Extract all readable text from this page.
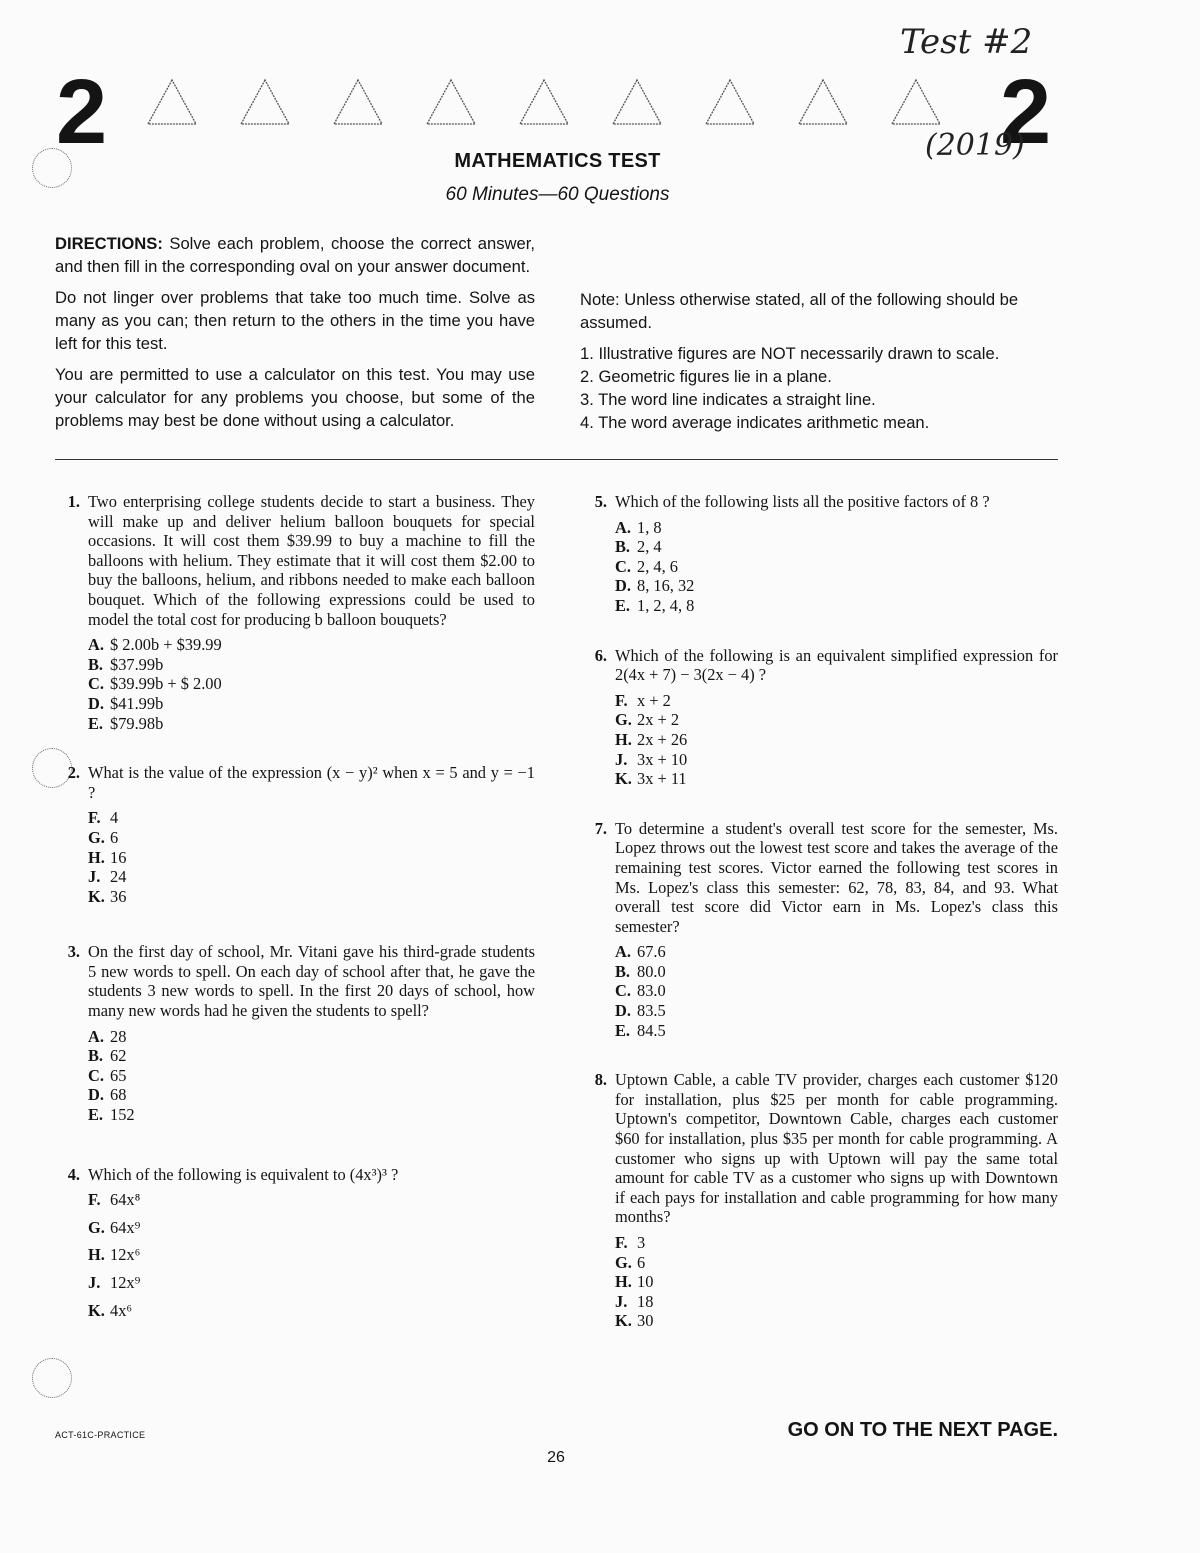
2	2
Test #2
(2019)
MATHEMATICS TEST
60 Minutes—60 Questions

DIRECTIONS: Solve each problem, choose the correct answer, and then fill in the corresponding oval on your answer document.

Do not linger over problems that take too much time. Solve as many as you can; then return to the others in the time you have left for this test.

You are permitted to use a calculator on this test. You may use your calculator for any problems you choose, but some of the problems may best be done without using a calculator.

Note: Unless otherwise stated, all of the following should be assumed.

1. Illustrative figures are NOT necessarily drawn to scale.
2. Geometric figures lie in a plane.
3. The word line indicates a straight line.
4. The word average indicates arithmetic mean.
1. Two enterprising college students decide to start a business. They will make up and deliver helium balloon bouquets for special occasions. It will cost them $39.99 to buy a machine to fill the balloons with helium. They estimate that it will cost them $2.00 to buy the balloons, helium, and ribbons needed to make each balloon bouquet. Which of the following expressions could be used to model the total cost for producing b balloon bouquets?
A. $ 2.00b + $39.99
B. $37.99b
C. $39.99b + $ 2.00
D. $41.99b
E. $79.98b
2. What is the value of the expression (x − y)² when x = 5 and y = −1 ?
F. 4
G. 6
H. 16
J. 24
K. 36
3. On the first day of school, Mr. Vitani gave his third-grade students 5 new words to spell. On each day of school after that, he gave the students 3 new words to spell. In the first 20 days of school, how many new words had he given the students to spell?
A. 28
B. 62
C. 65
D. 68
E. 152
4. Which of the following is equivalent to (4x³)³ ?
F. 64x⁸
G. 64x⁹
H. 12x⁶
J. 12x⁹
K. 4x⁶
5. Which of the following lists all the positive factors of 8 ?
A. 1, 8
B. 2, 4
C. 2, 4, 6
D. 8, 16, 32
E. 1, 2, 4, 8
6. Which of the following is an equivalent simplified expression for 2(4x + 7) − 3(2x − 4) ?
F. x + 2
G. 2x + 2
H. 2x + 26
J. 3x + 10
K. 3x + 11
7. To determine a student's overall test score for the semester, Ms. Lopez throws out the lowest test score and takes the average of the remaining test scores. Victor earned the following test scores in Ms. Lopez's class this semester: 62, 78, 83, 84, and 93. What overall test score did Victor earn in Ms. Lopez's class this semester?
A. 67.6
B. 80.0
C. 83.0
D. 83.5
E. 84.5
8. Uptown Cable, a cable TV provider, charges each customer $120 for installation, plus $25 per month for cable programming. Uptown's competitor, Downtown Cable, charges each customer $60 for installation, plus $35 per month for cable programming. A customer who signs up with Uptown will pay the same total amount for cable TV as a customer who signs up with Downtown if each pays for installation and cable programming for how many months?
F. 3
G. 6
H. 10
J. 18
K. 30
ACT-61C-PRACTICE	GO ON TO THE NEXT PAGE.
26
